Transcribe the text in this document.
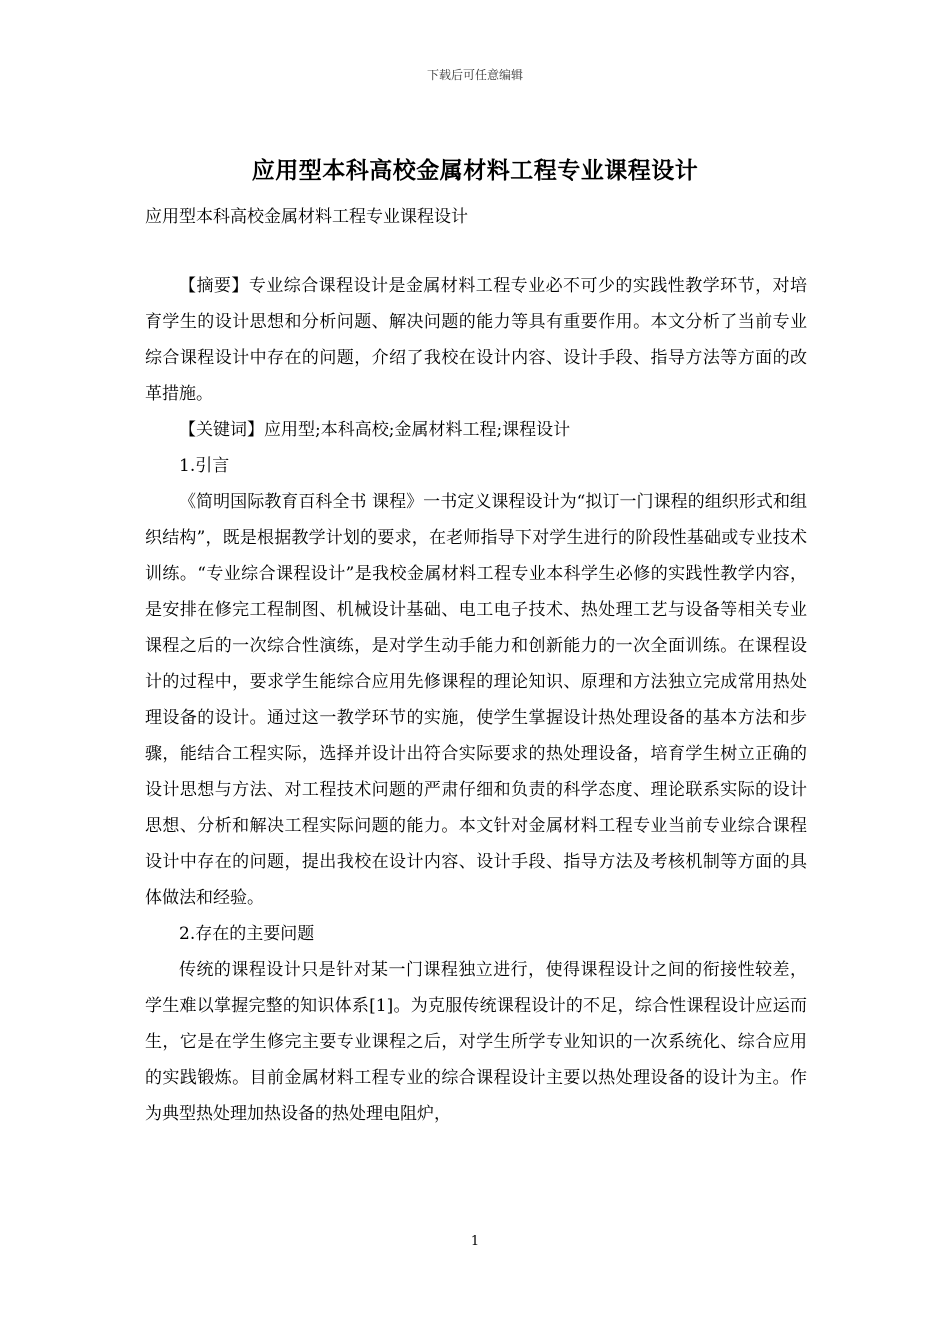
下载后可任意编辑
应用型本科高校金属材料工程专业课程设计
应用型本科高校金属材料工程专业课程设计

【摘要】专业综合课程设计是金属材料工程专业必不可少的实践性教学环节，对培育学生的设计思想和分析问题、解决问题的能力等具有重要作用。本文分析了当前专业综合课程设计中存在的问题，介绍了我校在设计内容、设计手段、指导方法等方面的改革措施。

【关键词】应用型;本科高校;金属材料工程;课程设计

1.引言

《简明国际教育百科全书 课程》一书定义课程设计为“拟订一门课程的组织形式和组织结构”，既是根据教学计划的要求，在老师指导下对学生进行的阶段性基础或专业技术训练。“专业综合课程设计”是我校金属材料工程专业本科学生必修的实践性教学内容，是安排在修完工程制图、机械设计基础、电工电子技术、热处理工艺与设备等相关专业课程之后的一次综合性演练，是对学生动手能力和创新能力的一次全面训练。在课程设计的过程中，要求学生能综合应用先修课程的理论知识、原理和方法独立完成常用热处理设备的设计。通过这一教学环节的实施，使学生掌握设计热处理设备的基本方法和步骤，能结合工程实际，选择并设计出符合实际要求的热处理设备，培育学生树立正确的设计思想与方法、对工程技术问题的严肃仔细和负责的科学态度、理论联系实际的设计思想、分析和解决工程实际问题的能力。本文针对金属材料工程专业当前专业综合课程设计中存在的问题，提出我校在设计内容、设计手段、指导方法及考核机制等方面的具体做法和经验。

2.存在的主要问题

传统的课程设计只是针对某一门课程独立进行，使得课程设计之间的衔接性较差，学生难以掌握完整的知识体系[1]。为克服传统课程设计的不足，综合性课程设计应运而生，它是在学生修完主要专业课程之后，对学生所学专业知识的一次系统化、综合应用的实践锻炼。目前金属材料工程专业的综合课程设计主要以热处理设备的设计为主。作为典型热处理加热设备的热处理电阻炉，

1
